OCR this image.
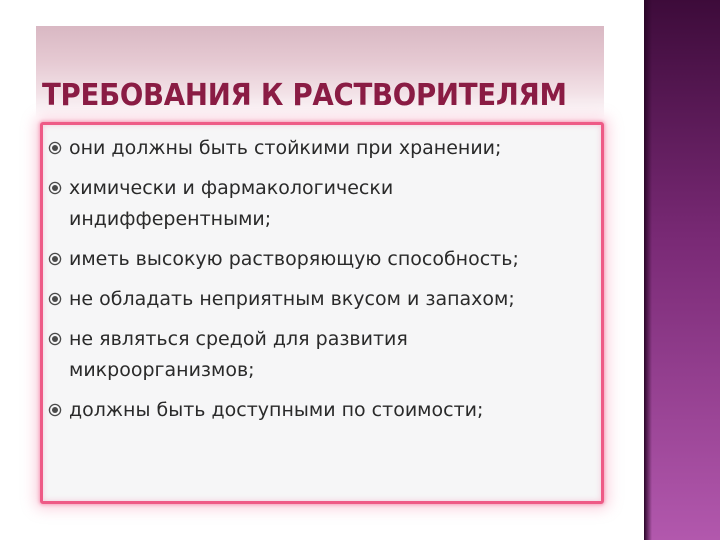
ТРЕБОВАНИЯ К РАСТВОРИТЕЛЯМ
они должны быть стойкими при хранении;
химически и фармакологически
индифферентными;
иметь высокую растворяющую способность;
не обладать неприятным вкусом и запахом;
не являться средой для развития
микроорганизмов;
должны быть доступными по стоимости;
